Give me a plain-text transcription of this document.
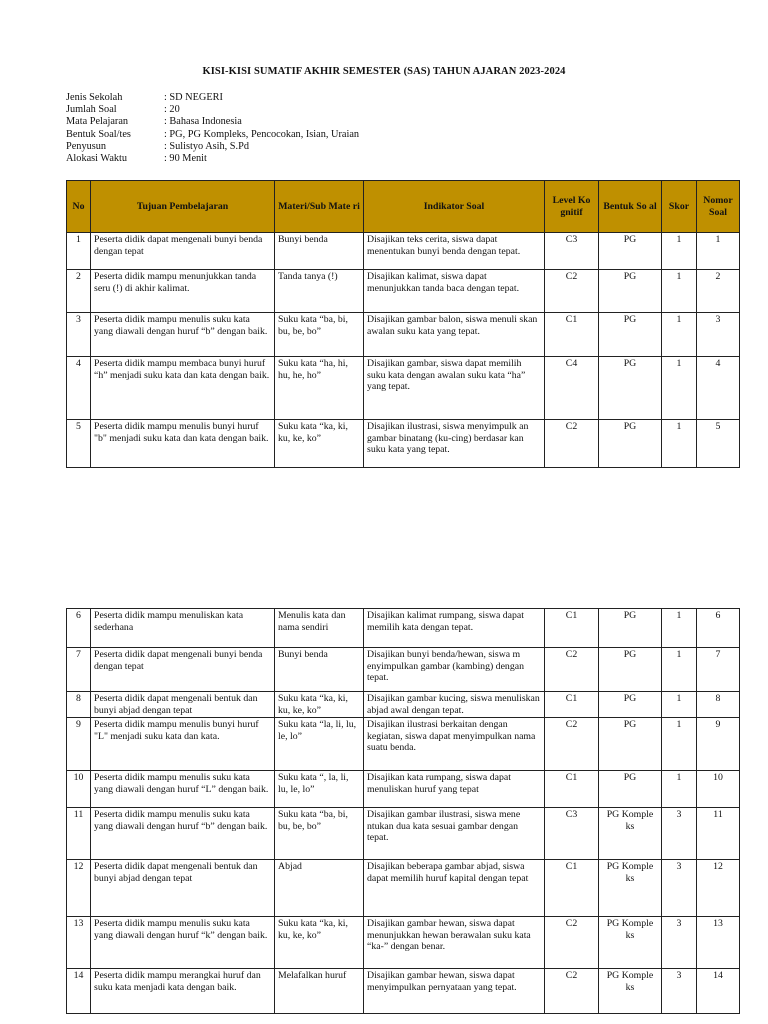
KISI-KISI SUMATIF AKHIR SEMESTER (SAS) TAHUN AJARAN 2023-2024
Jenis Sekolah	: SD NEGERI
Jumlah Soal	: 20
Mata Pelajaran	: Bahasa Indonesia
Bentuk Soal/tes	: PG, PG Kompleks, Pencocokan, Isian, Uraian
Penyusun	: Sulistyo Asih, S.Pd
Alokasi Waktu	: 90 Menit
No	Tujuan Pembelajaran	Materi/Sub Mate ri	Indikator Soal	Level Ko gnitif	Bentuk So al	Skor	Nomor Soal
1	Peserta didik dapat mengenali bunyi benda dengan tepat	Bunyi benda	Disajikan teks cerita, siswa dapat menentukan bunyi benda dengan tepat.	C3	PG	1	1
2	Peserta didik mampu menunjukkan tanda seru (!) di akhir kalimat.	Tanda tanya (!)	Disajikan kalimat, siswa dapat menunjukkan tanda baca dengan tepat.	C2	PG	1	2
3	Peserta didik mampu menulis suku kata yang diawali dengan huruf “b” dengan baik.	Suku kata “ba, bi, bu, be, bo”	Disajikan gambar balon, siswa menuli skan awalan suku kata yang tepat.	C1	PG	1	3
4	Peserta didik mampu membaca bunyi huruf “h” menjadi suku kata dan kata dengan baik.	Suku kata “ha, hi, hu, he, ho”	Disajikan gambar, siswa dapat memilih suku kata dengan awalan suku kata “ha” yang tepat.	C4	PG	1	4
5	Peserta didik mampu menulis bunyi huruf "b" menjadi suku kata dan kata dengan baik.	Suku kata “ka, ki, ku, ke, ko”	Disajikan ilustrasi, siswa menyimpulk an gambar binatang (ku-cing) berdasar kan suku kata yang tepat.	C2	PG	1	5
6	Peserta didik mampu menuliskan kata sederhana	Menulis kata dan nama sendiri	Disajikan kalimat rumpang, siswa dapat memilih kata dengan tepat.	C1	PG	1	6
7	Peserta didik dapat mengenali bunyi benda dengan tepat	Bunyi benda	Disajikan bunyi benda/hewan, siswa m enyimpulkan gambar (kambing) dengan tepat.	C2	PG	1	7
8	Peserta didik dapat mengenali bentuk dan bunyi abjad dengan tepat	Suku kata “ka, ki, ku, ke, ko”	Disajikan gambar kucing, siswa menuliskan abjad awal dengan tepat.	C1	PG	1	8
9	Peserta didik mampu menulis bunyi huruf "L" menjadi suku kata dan kata.	Suku kata “la, li, lu, le, lo”	Disajikan ilustrasi berkaitan dengan kegiatan, siswa dapat menyimpulkan nama suatu benda.	C2	PG	1	9
10	Peserta didik mampu menulis suku kata yang diawali dengan huruf “L” dengan baik.	Suku kata “, la, li, lu, le, lo”	Disajikan kata rumpang, siswa dapat menuliskan huruf yang tepat	C1	PG	1	10
11	Peserta didik mampu menulis suku kata yang diawali dengan huruf “b” dengan baik.	Suku kata “ba, bi, bu, be, bo”	Disajikan gambar ilustrasi, siswa mene ntukan dua kata sesuai gambar dengan tepat.	C3	PG Komple ks	3	11
12	Peserta didik dapat mengenali bentuk dan bunyi abjad dengan tepat	Abjad	Disajikan beberapa gambar abjad, siswa dapat memilih huruf kapital dengan tepat	C1	PG Komple ks	3	12
13	Peserta didik mampu menulis suku kata yang diawali dengan huruf “k” dengan baik.	Suku kata “ka, ki, ku, ke, ko”	Disajikan gambar hewan, siswa dapat menunjukkan hewan berawalan suku kata “ka-” dengan benar.	C2	PG Komple ks	3	13
14	Peserta didik mampu merangkai huruf dan suku kata menjadi kata dengan baik.	Melafalkan huruf	Disajikan gambar hewan, siswa dapat menyimpulkan pernyataan yang tepat.	C2	PG Komple ks	3	14
